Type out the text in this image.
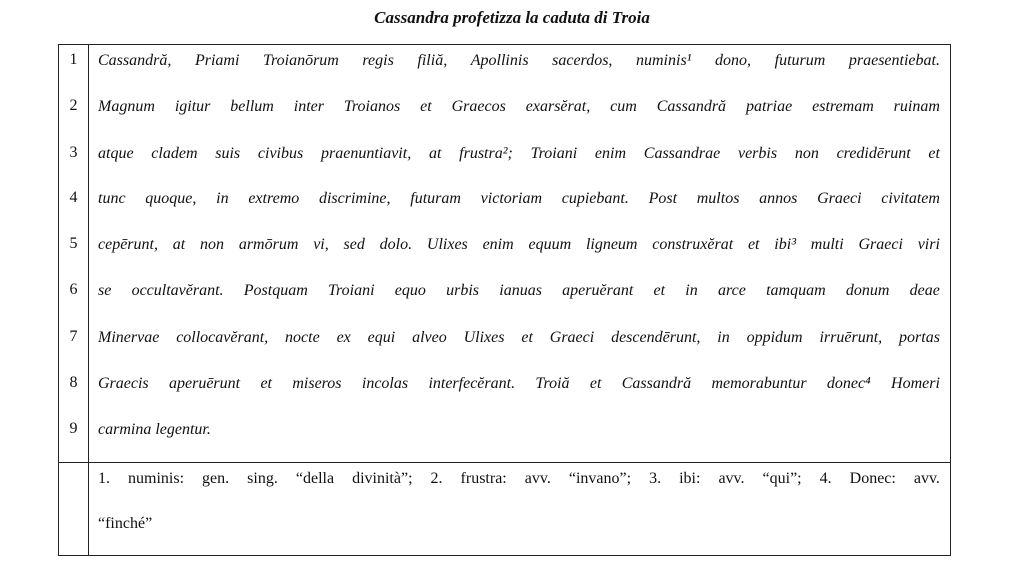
Cassandra profetizza la caduta di Troia
1
2
3
4
5
6
7
8
9
Cassandră, Priami Troianōrum regis filiă, Apollinis sacerdos, numinis¹ dono, futurum praesentiebat.
Magnum igitur bellum inter Troianos et Graecos exarsĕrat, cum Cassandră patriae estremam ruinam
atque cladem suis civibus praenuntiavit, at frustra²; Troiani enim Cassandrae verbis non credidērunt et
tunc quoque, in extremo discrimine, futuram victoriam cupiebant. Post multos annos Graeci civitatem
cepērunt, at non armōrum vi, sed dolo. Ulixes enim equum ligneum construxĕrat et ibi³ multi Graeci viri
se occultavĕrant. Postquam Troiani equo urbis ianuas aperuĕrant et in arce tamquam donum deae
Minervae collocavĕrant, nocte ex equi alveo Ulixes et Graeci descendērunt, in oppidum irruērunt, portas
Graecis aperuērunt et miseros incolas interfecĕrant. Troiă et Cassandră memorabuntur donec⁴ Homeri
carmina legentur.
1. numinis: gen. sing. “della divinità”; 2. frustra: avv. “invano”; 3. ibi: avv. “qui”; 4. Donec: avv.
“finché”
